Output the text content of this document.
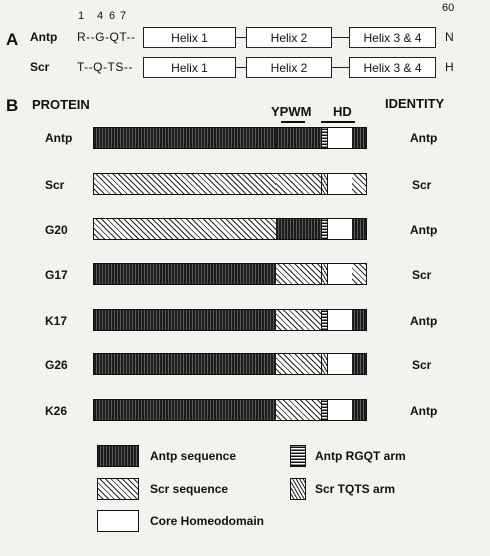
A
1 4 6 7
60
Antp R--G-QT--	Helix 1	Helix 2	Helix 3 & 4	N
Scr T--Q-TS--	Helix 1	Helix 2	Helix 3 & 4	H
B PROTEIN	IDENTITY
YPWM HD
Antp	Antp
Scr	Scr
G20	Antp
G17	Scr
K17	Antp
G26	Scr
K26	Antp
Antp sequence
Scr sequence
Core Homeodomain
Antp RGQT arm
Scr TQTS arm
